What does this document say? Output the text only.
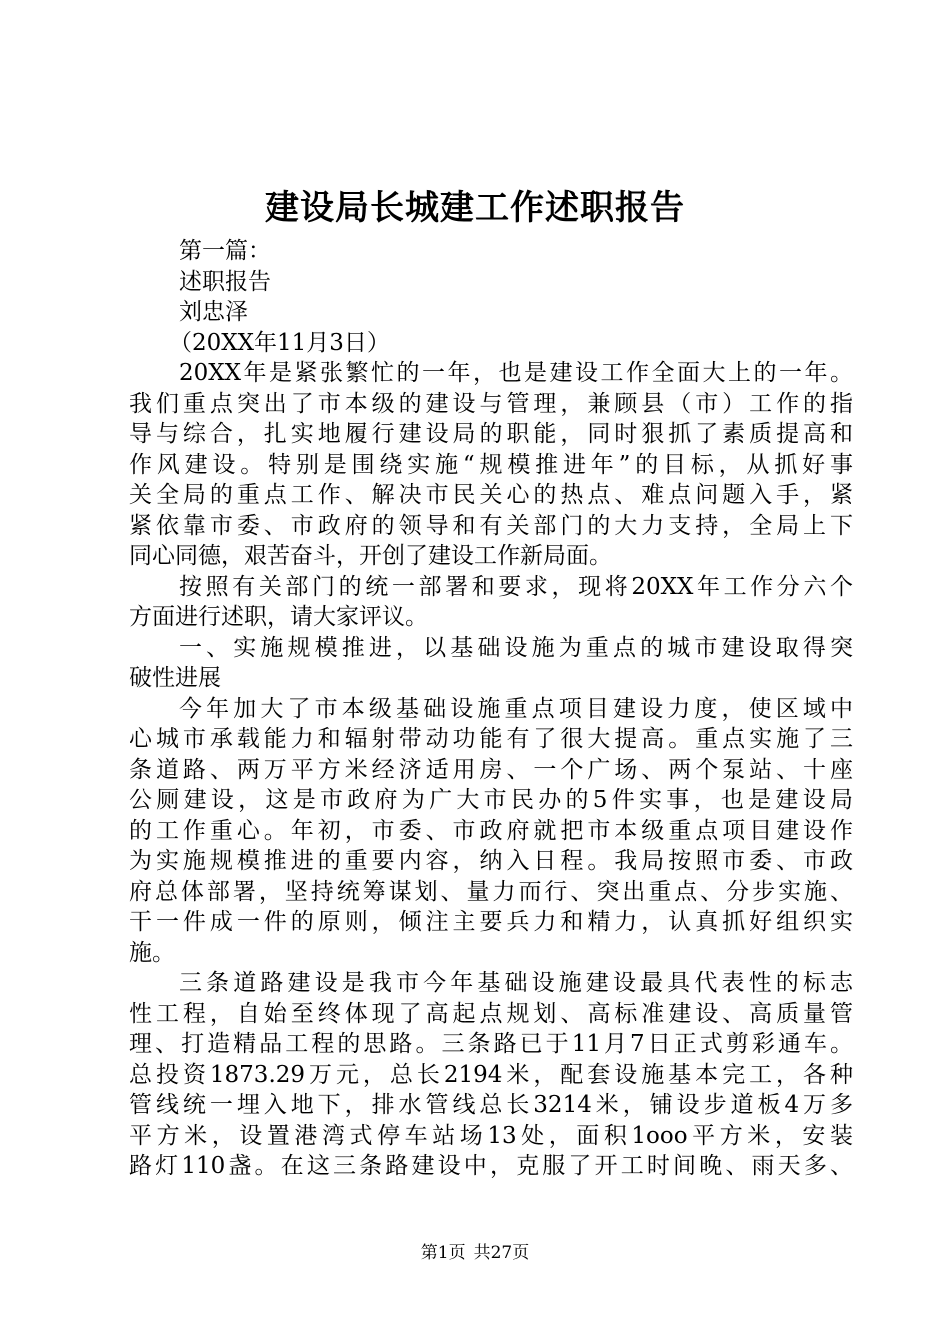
建设局长城建工作述职报告
第一篇：
述职报告
刘忠泽
（20XX年11月3日）
20XX年是紧张繁忙的一年，也是建设工作全面大上的一年。
我们重点突出了市本级的建设与管理，兼顾县（市）工作的指
导与综合，扎实地履行建设局的职能，同时狠抓了素质提高和
作风建设。特别是围绕实施“规模推进年”的目标，从抓好事
关全局的重点工作、解决市民关心的热点、难点问题入手，紧
紧依靠市委、市政府的领导和有关部门的大力支持，全局上下
同心同德，艰苦奋斗，开创了建设工作新局面。
按照有关部门的统一部署和要求，现将20XX年工作分六个
方面进行述职，请大家评议。
一、实施规模推进，以基础设施为重点的城市建设取得突
破性进展
今年加大了市本级基础设施重点项目建设力度，使区域中
心城市承载能力和辐射带动功能有了很大提高。重点实施了三
条道路、两万平方米经济适用房、一个广场、两个泵站、十座
公厕建设，这是市政府为广大市民办的5件实事，也是建设局
的工作重心。年初，市委、市政府就把市本级重点项目建设作
为实施规模推进的重要内容，纳入日程。我局按照市委、市政
府总体部署，坚持统筹谋划、量力而行、突出重点、分步实施、
干一件成一件的原则，倾注主要兵力和精力，认真抓好组织实
施。
三条道路建设是我市今年基础设施建设最具代表性的标志
性工程，自始至终体现了高起点规划、高标准建设、高质量管
理、打造精品工程的思路。三条路已于11月7日正式剪彩通车。
总投资1873.29万元，总长2194米，配套设施基本完工，各种
管线统一埋入地下，排水管线总长3214米，铺设步道板4万多
平方米，设置港湾式停车站场13处，面积1ooo平方米，安装
路灯110盏。在这三条路建设中，克服了开工时间晚、雨天多、
第1页 共27页
